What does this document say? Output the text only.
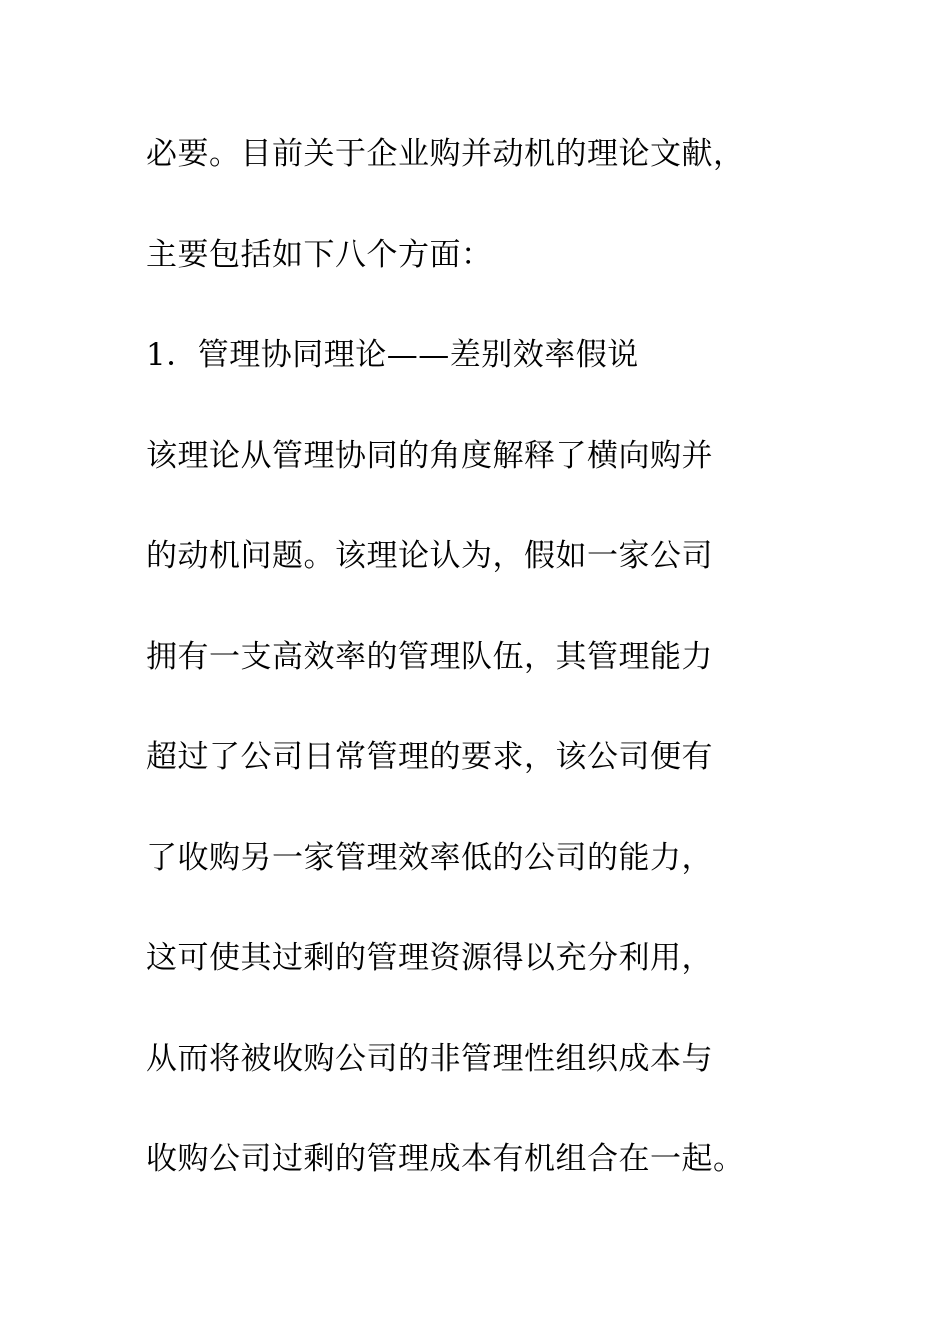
必要。目前关于企业购并动机的理论文献，
主要包括如下八个方面：
1．管理协同理论——差别效率假说
该理论从管理协同的角度解释了横向购并
的动机问题。该理论认为，假如一家公司
拥有一支高效率的管理队伍，其管理能力
超过了公司日常管理的要求，该公司便有
了收购另一家管理效率低的公司的能力，
这可使其过剩的管理资源得以充分利用，
从而将被收购公司的非管理性组织成本与
收购公司过剩的管理成本有机组合在一起。
